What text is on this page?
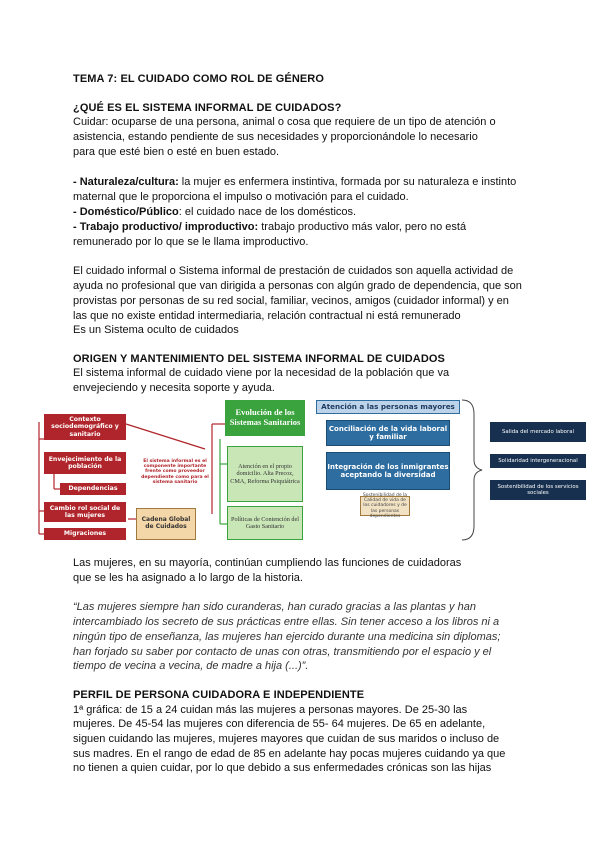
TEMA 7: EL CUIDADO COMO ROL DE GÉNERO
¿QUÉ ES EL SISTEMA INFORMAL DE CUIDADOS?
Cuidar: ocuparse de una persona, animal o cosa que requiere de un tipo de atención o
asistencia, estando pendiente de sus necesidades y proporcionándole lo necesario
para que esté bien o esté en buen estado.
- Naturaleza/cultura: la mujer es enfermera instintiva, formada por su naturaleza e instinto
maternal que le proporciona el impulso o motivación para el cuidado.
- Doméstico/Público: el cuidado nace de los domésticos.
- Trabajo productivo/ improductivo: trabajo productivo más valor, pero no está
remunerado por lo que se le llama improductivo.
El cuidado informal o Sistema informal de prestación de cuidados son aquella actividad de
ayuda no profesional que van dirigida a personas con algún grado de dependencia, que son
provistas por personas de su red social, familiar, vecinos, amigos (cuidador informal) y en
las que no existe entidad intermediaria, relación contractual ni está remunerado
Es un Sistema oculto de cuidados
ORIGEN Y MANTENIMIENTO DEL SISTEMA INFORMAL DE CUIDADOS
El sistema informal de cuidado viene por la necesidad de la población que va
envejeciendo y necesita soporte y ayuda.
Contexto sociodemográfico y sanitario
Envejecimiento de la población
Dependencias
Cambio rol social de las mujeres
Migraciones
El sistema informal es el componente importante frente como proveedor dependiente como para el sistema sanitario
Cadena Global de Cuidados
Evolución de los Sistemas Sanitarios
Atención en el propio domicilio. Alta Precoz, CMA, Reforma Psiquiátrica
Políticas de Contención del Gasto Sanitario
Atención a las personas mayores
Conciliación de la vida laboral y familiar
Integración de los inmigrantes aceptando la diversidad
Sostenibilidad de la Calidad de vida de los cuidadores y de las personas dependientes
Salida del mercado laboral
Solidaridad intergeneracional
Sostenibilidad de los servicios sociales
Las mujeres, en su mayoría, continúan cumpliendo las funciones de cuidadoras
que se les ha asignado a lo largo de la historia.
“Las mujeres siempre han sido curanderas, han curado gracias a las plantas y han
intercambiado los secreto de sus prácticas entre ellas. Sin tener acceso a los libros ni a
ningún tipo de enseñanza, las mujeres han ejercido durante una medicina sin diplomas;
han forjado su saber por contacto de unas con otras, transmitiendo por el espacio y el
tiempo de vecina a vecina, de madre a hija (...)”.
PERFIL DE PERSONA CUIDADORA E INDEPENDIENTE
1ª gráfica: de 15 a 24 cuidan más las mujeres a personas mayores. De 25-30 las
mujeres. De 45-54 las mujeres con diferencia de 55- 64 mujeres. De 65 en adelante,
siguen cuidando las mujeres, mujeres mayores que cuidan de sus maridos o incluso de
sus madres. En el rango de edad de 85 en adelante hay pocas mujeres cuidando ya que
no tienen a quien cuidar, por lo que debido a sus enfermedades crónicas son las hijas
